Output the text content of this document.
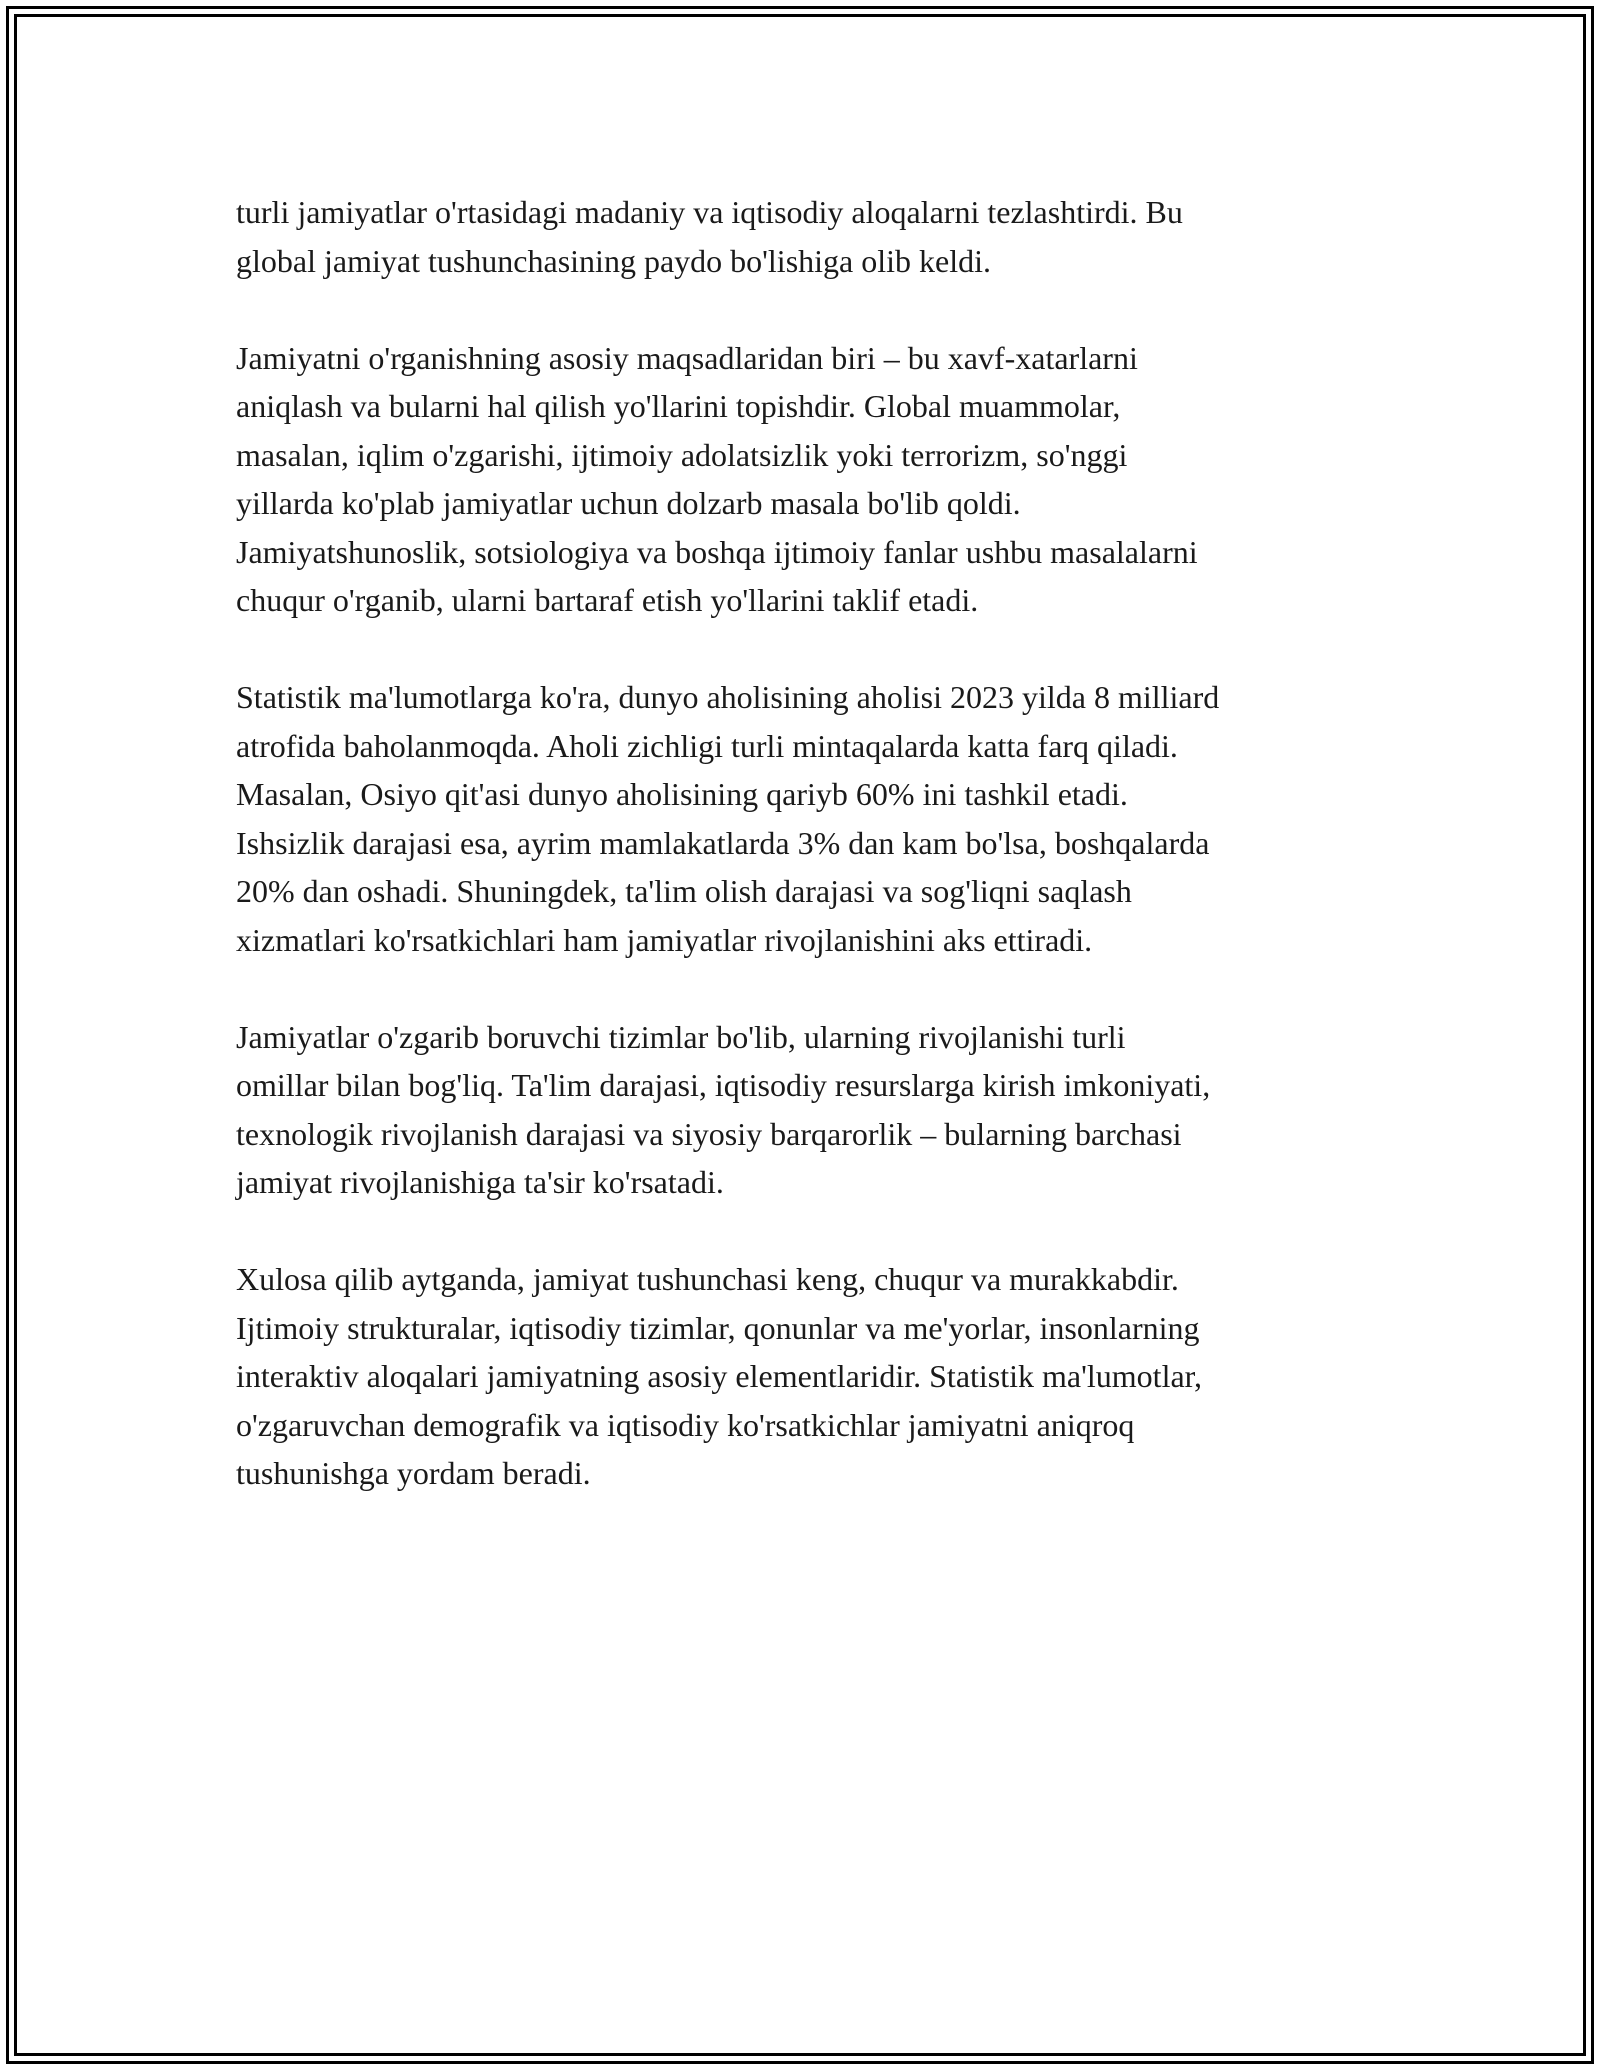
turli jamiyatlar o'rtasidagi madaniy va iqtisodiy aloqalarni tezlashtirdi. Bu
global jamiyat tushunchasining paydo bo'lishiga olib keldi.

Jamiyatni o'rganishning asosiy maqsadlaridan biri – bu xavf-xatarlarni
aniqlash va bularni hal qilish yo'llarini topishdir. Global muammolar,
masalan, iqlim o'zgarishi, ijtimoiy adolatsizlik yoki terrorizm, so'nggi
yillarda ko'plab jamiyatlar uchun dolzarb masala bo'lib qoldi.
Jamiyatshunoslik, sotsiologiya va boshqa ijtimoiy fanlar ushbu masalalarni
chuqur o'rganib, ularni bartaraf etish yo'llarini taklif etadi.

Statistik ma'lumotlarga ko'ra, dunyo aholisining aholisi 2023 yilda 8 milliard
atrofida baholanmoqda. Aholi zichligi turli mintaqalarda katta farq qiladi.
Masalan, Osiyo qit'asi dunyo aholisining qariyb 60% ini tashkil etadi.
Ishsizlik darajasi esa, ayrim mamlakatlarda 3% dan kam bo'lsa, boshqalarda
20% dan oshadi. Shuningdek, ta'lim olish darajasi va sog'liqni saqlash
xizmatlari ko'rsatkichlari ham jamiyatlar rivojlanishini aks ettiradi.

Jamiyatlar o'zgarib boruvchi tizimlar bo'lib, ularning rivojlanishi turli
omillar bilan bog'liq. Ta'lim darajasi, iqtisodiy resurslarga kirish imkoniyati,
texnologik rivojlanish darajasi va siyosiy barqarorlik – bularning barchasi
jamiyat rivojlanishiga ta'sir ko'rsatadi.

Xulosa qilib aytganda, jamiyat tushunchasi keng, chuqur va murakkabdir.
Ijtimoiy strukturalar, iqtisodiy tizimlar, qonunlar va me'yorlar, insonlarning
interaktiv aloqalari jamiyatning asosiy elementlaridir. Statistik ma'lumotlar,
o'zgaruvchan demografik va iqtisodiy ko'rsatkichlar jamiyatni aniqroq
tushunishga yordam beradi.
